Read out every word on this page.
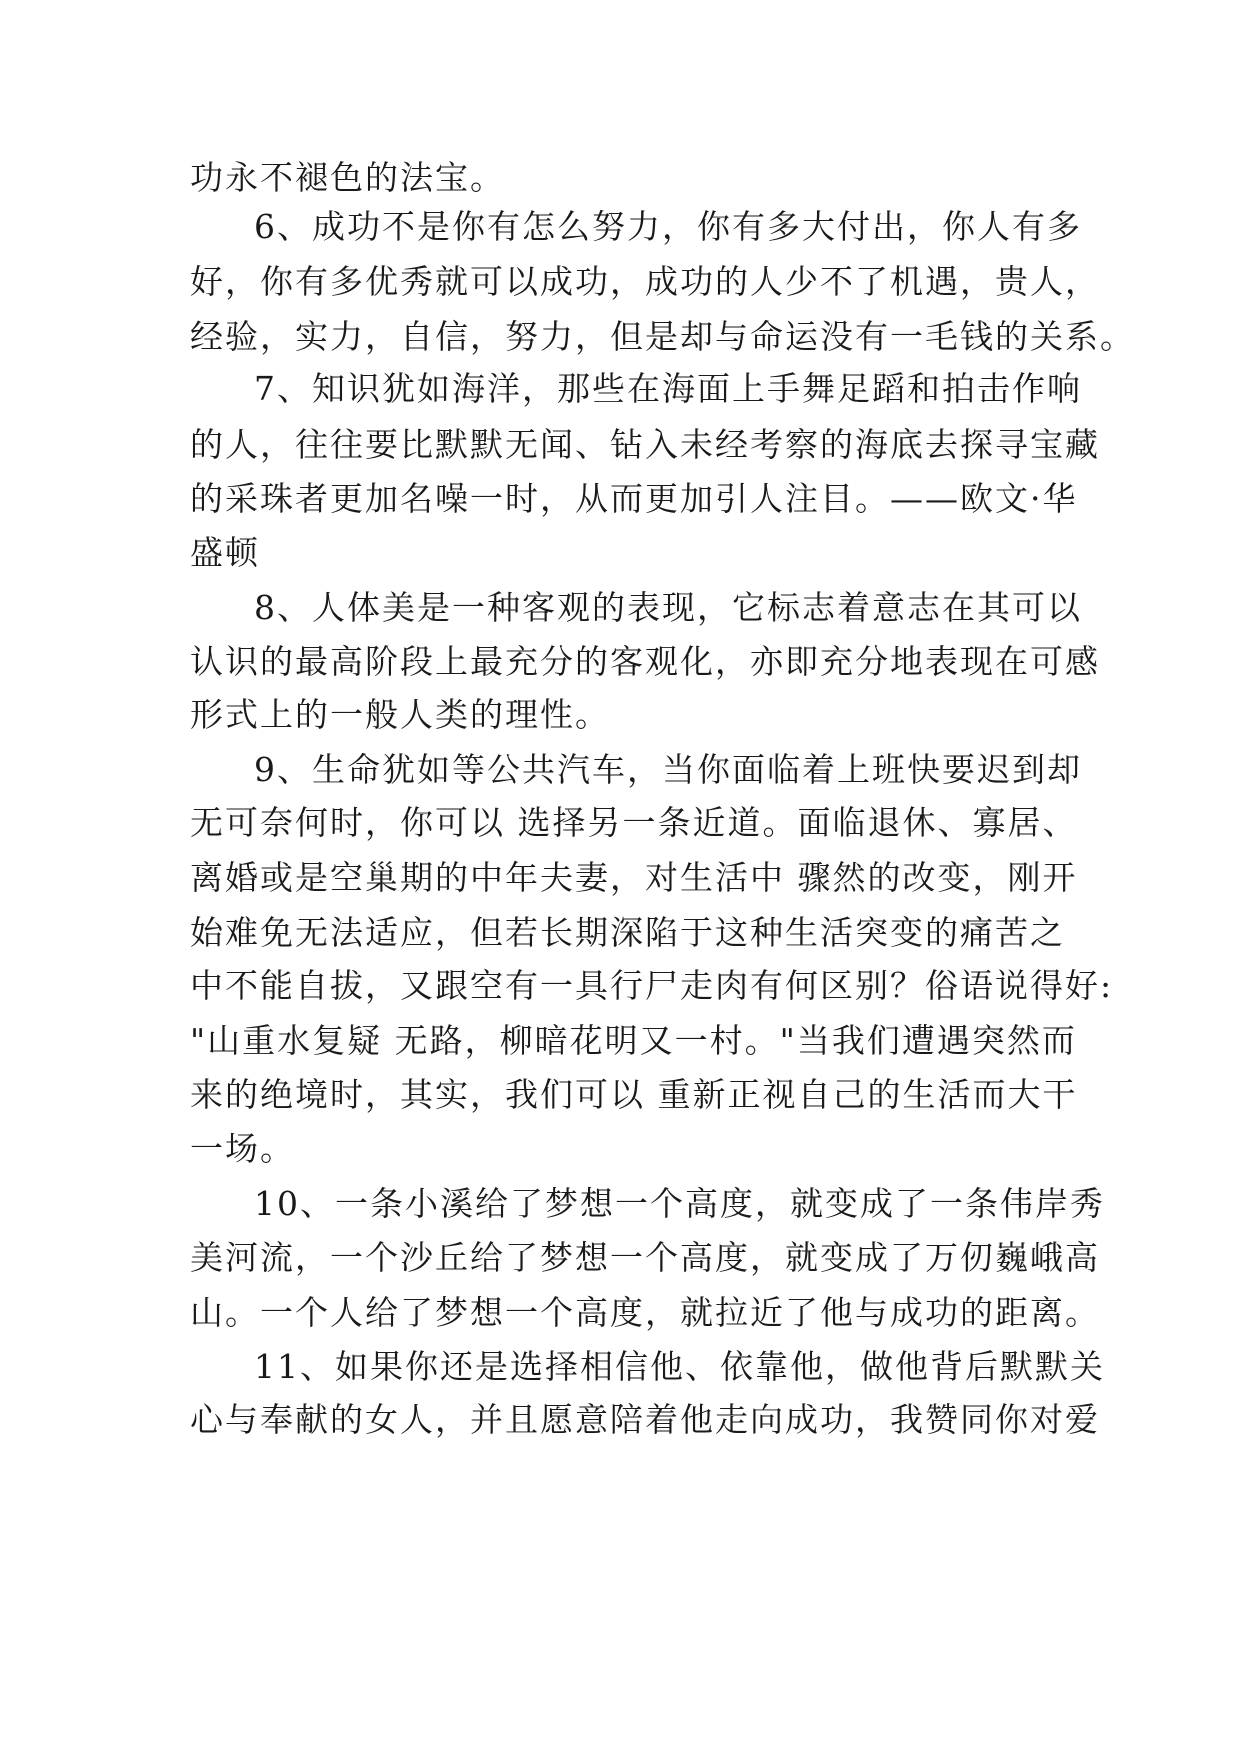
功永不褪色的法宝。
6、成功不是你有怎么努力，你有多大付出，你人有多
好，你有多优秀就可以成功，成功的人少不了机遇，贵人，
经验，实力，自信，努力，但是却与命运没有一毛钱的关系。
7、知识犹如海洋，那些在海面上手舞足蹈和拍击作响
的人，往往要比默默无闻、钻入未经考察的海底去探寻宝藏
的采珠者更加名噪一时，从而更加引人注目。——欧文·华
盛顿
8、人体美是一种客观的表现，它标志着意志在其可以
认识的最高阶段上最充分的客观化，亦即充分地表现在可感
形式上的一般人类的理性。
9、生命犹如等公共汽车，当你面临着上班快要迟到却
无可奈何时，你可以 选择另一条近道。面临退休、寡居、
离婚或是空巢期的中年夫妻，对生活中 骤然的改变，刚开
始难免无法适应，但若长期深陷于这种生活突变的痛苦之
中不能自拔，又跟空有一具行尸走肉有何区别？俗语说得好:
"山重水复疑 无路，柳暗花明又一村。"当我们遭遇突然而
来的绝境时，其实，我们可以 重新正视自己的生活而大干
一场。
10、一条小溪给了梦想一个高度，就变成了一条伟岸秀
美河流，一个沙丘给了梦想一个高度，就变成了万仞巍峨高
山。一个人给了梦想一个高度，就拉近了他与成功的距离。
11、如果你还是选择相信他、依靠他，做他背后默默关
心与奉献的女人，并且愿意陪着他走向成功，我赞同你对爱
